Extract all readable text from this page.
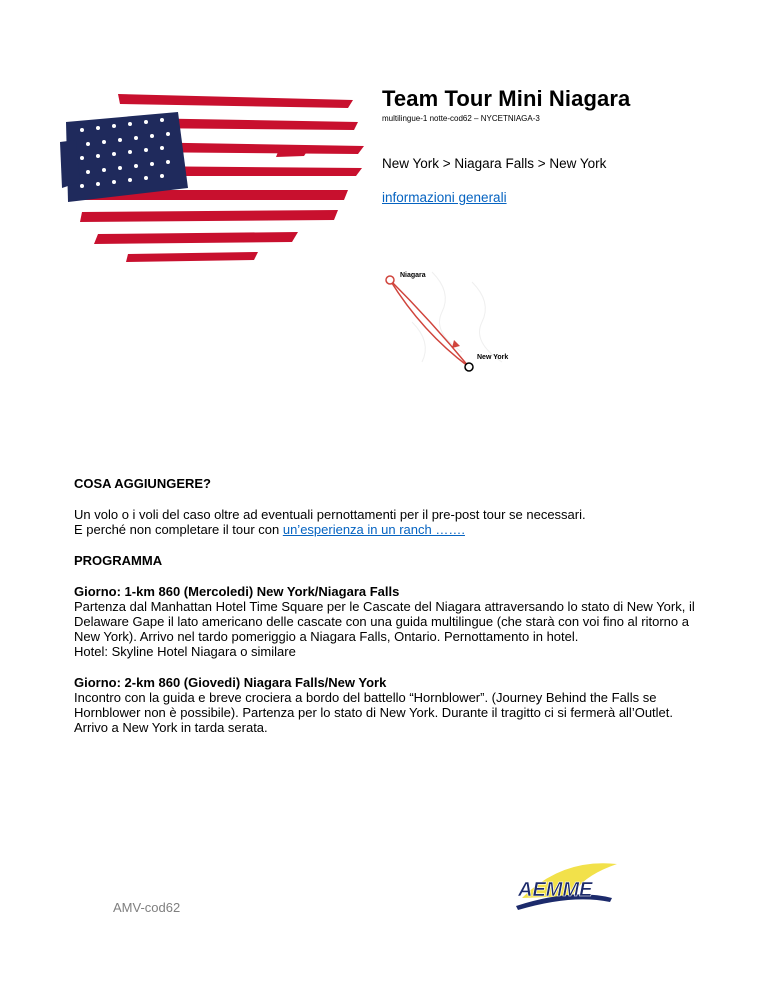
Team Tour Mini Niagara
multilingue-1 notte-cod62 – NYCETNIAGA-3
New York > Niagara Falls > New York
informazioni generali
Niagara
New York

COSA AGGIUNGERE?

Un volo o i voli del caso oltre ad eventuali pernottamenti per il pre-post tour se necessari.

E perché non completare il tour con un’esperienza in un ranch …….

PROGRAMMA

Giorno: 1-km 860 (Mercoledi) New York/Niagara Falls

Partenza dal Manhattan Hotel Time Square per le Cascate del Niagara attraversando lo stato di New York, il

Delaware Gape il lato americano delle cascate con una guida multilingue (che starà con voi fino al ritorno a

New York). Arrivo nel tardo pomeriggio a Niagara Falls, Ontario. Pernottamento in hotel.

Hotel: Skyline Hotel Niagara o similare

Giorno: 2-km 860 (Giovedi) Niagara Falls/New York

Incontro con la guida e breve crociera a bordo del battello “Hornblower”. (Journey Behind the Falls se

Hornblower non è possibile). Partenza per lo stato di New York. Durante il tragitto ci si fermerà all’Outlet.

Arrivo a New York in tarda serata.

AMV-cod62
AEMME
